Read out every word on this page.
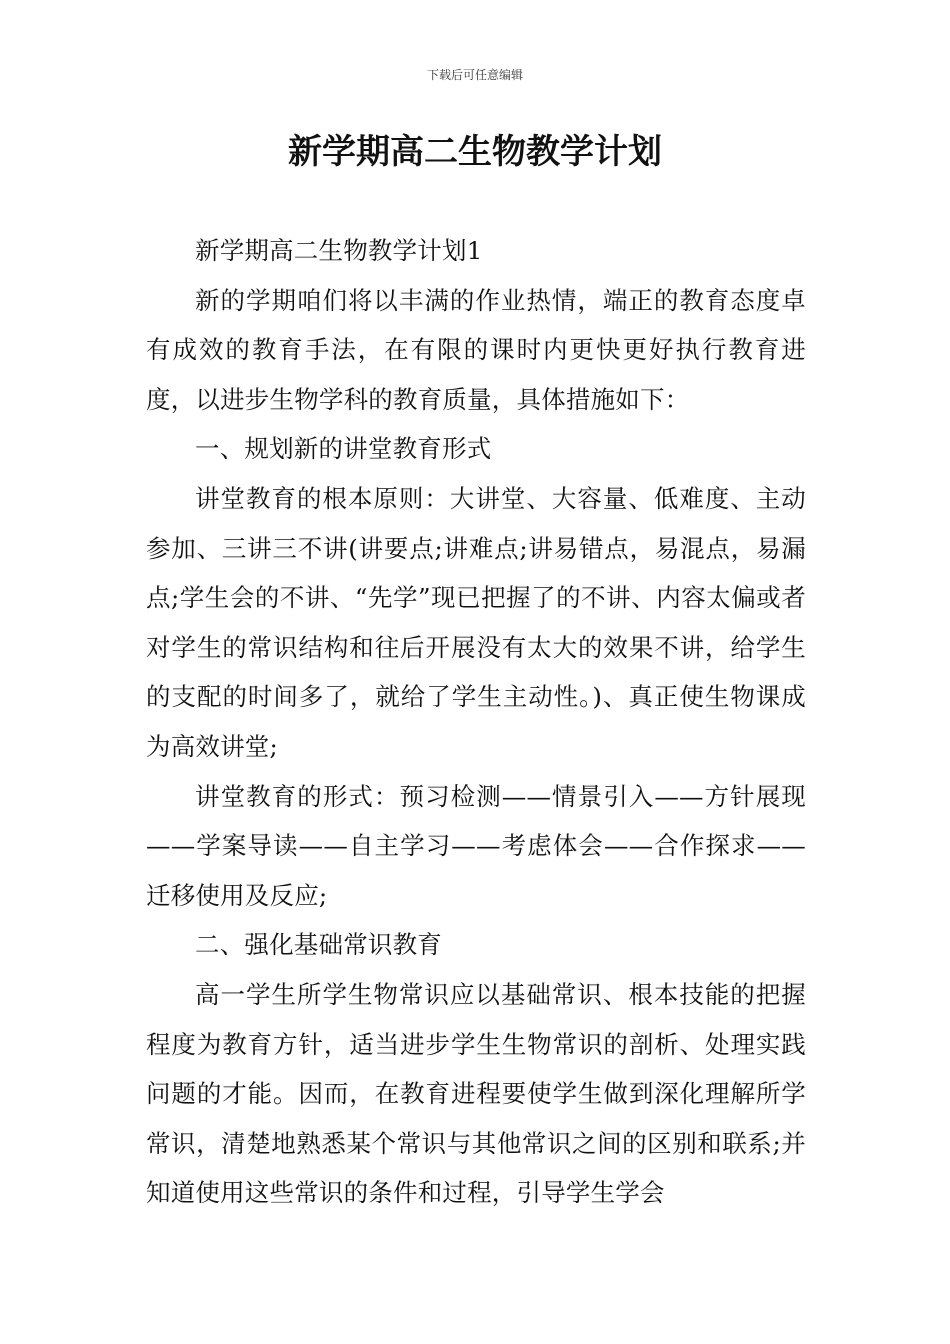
下载后可任意编辑
新学期高二生物教学计划

新学期高二生物教学计划1

新的学期咱们将以丰满的作业热情，端正的教育态度卓有成效的教育手法，在有限的课时内更快更好执行教育进度，以进步生物学科的教育质量，具体措施如下：

一、规划新的讲堂教育形式

讲堂教育的根本原则：大讲堂、大容量、低难度、主动参加、三讲三不讲(讲要点;讲难点;讲易错点，易混点，易漏点;学生会的不讲、“先学”现已把握了的不讲、内容太偏或者对学生的常识结构和往后开展没有太大的效果不讲，给学生的支配的时间多了，就给了学生主动性。)、真正使生物课成为高效讲堂;

讲堂教育的形式：预习检测——情景引入——方针展现——学案导读——自主学习——考虑体会——合作探求——迁移使用及反应;

二、强化基础常识教育

高一学生所学生物常识应以基础常识、根本技能的把握程度为教育方针，适当进步学生生物常识的剖析、处理实践问题的才能。因而，在教育进程要使学生做到深化理解所学常识，清楚地熟悉某个常识与其他常识之间的区别和联系;并知道使用这些常识的条件和过程，引导学生学会
